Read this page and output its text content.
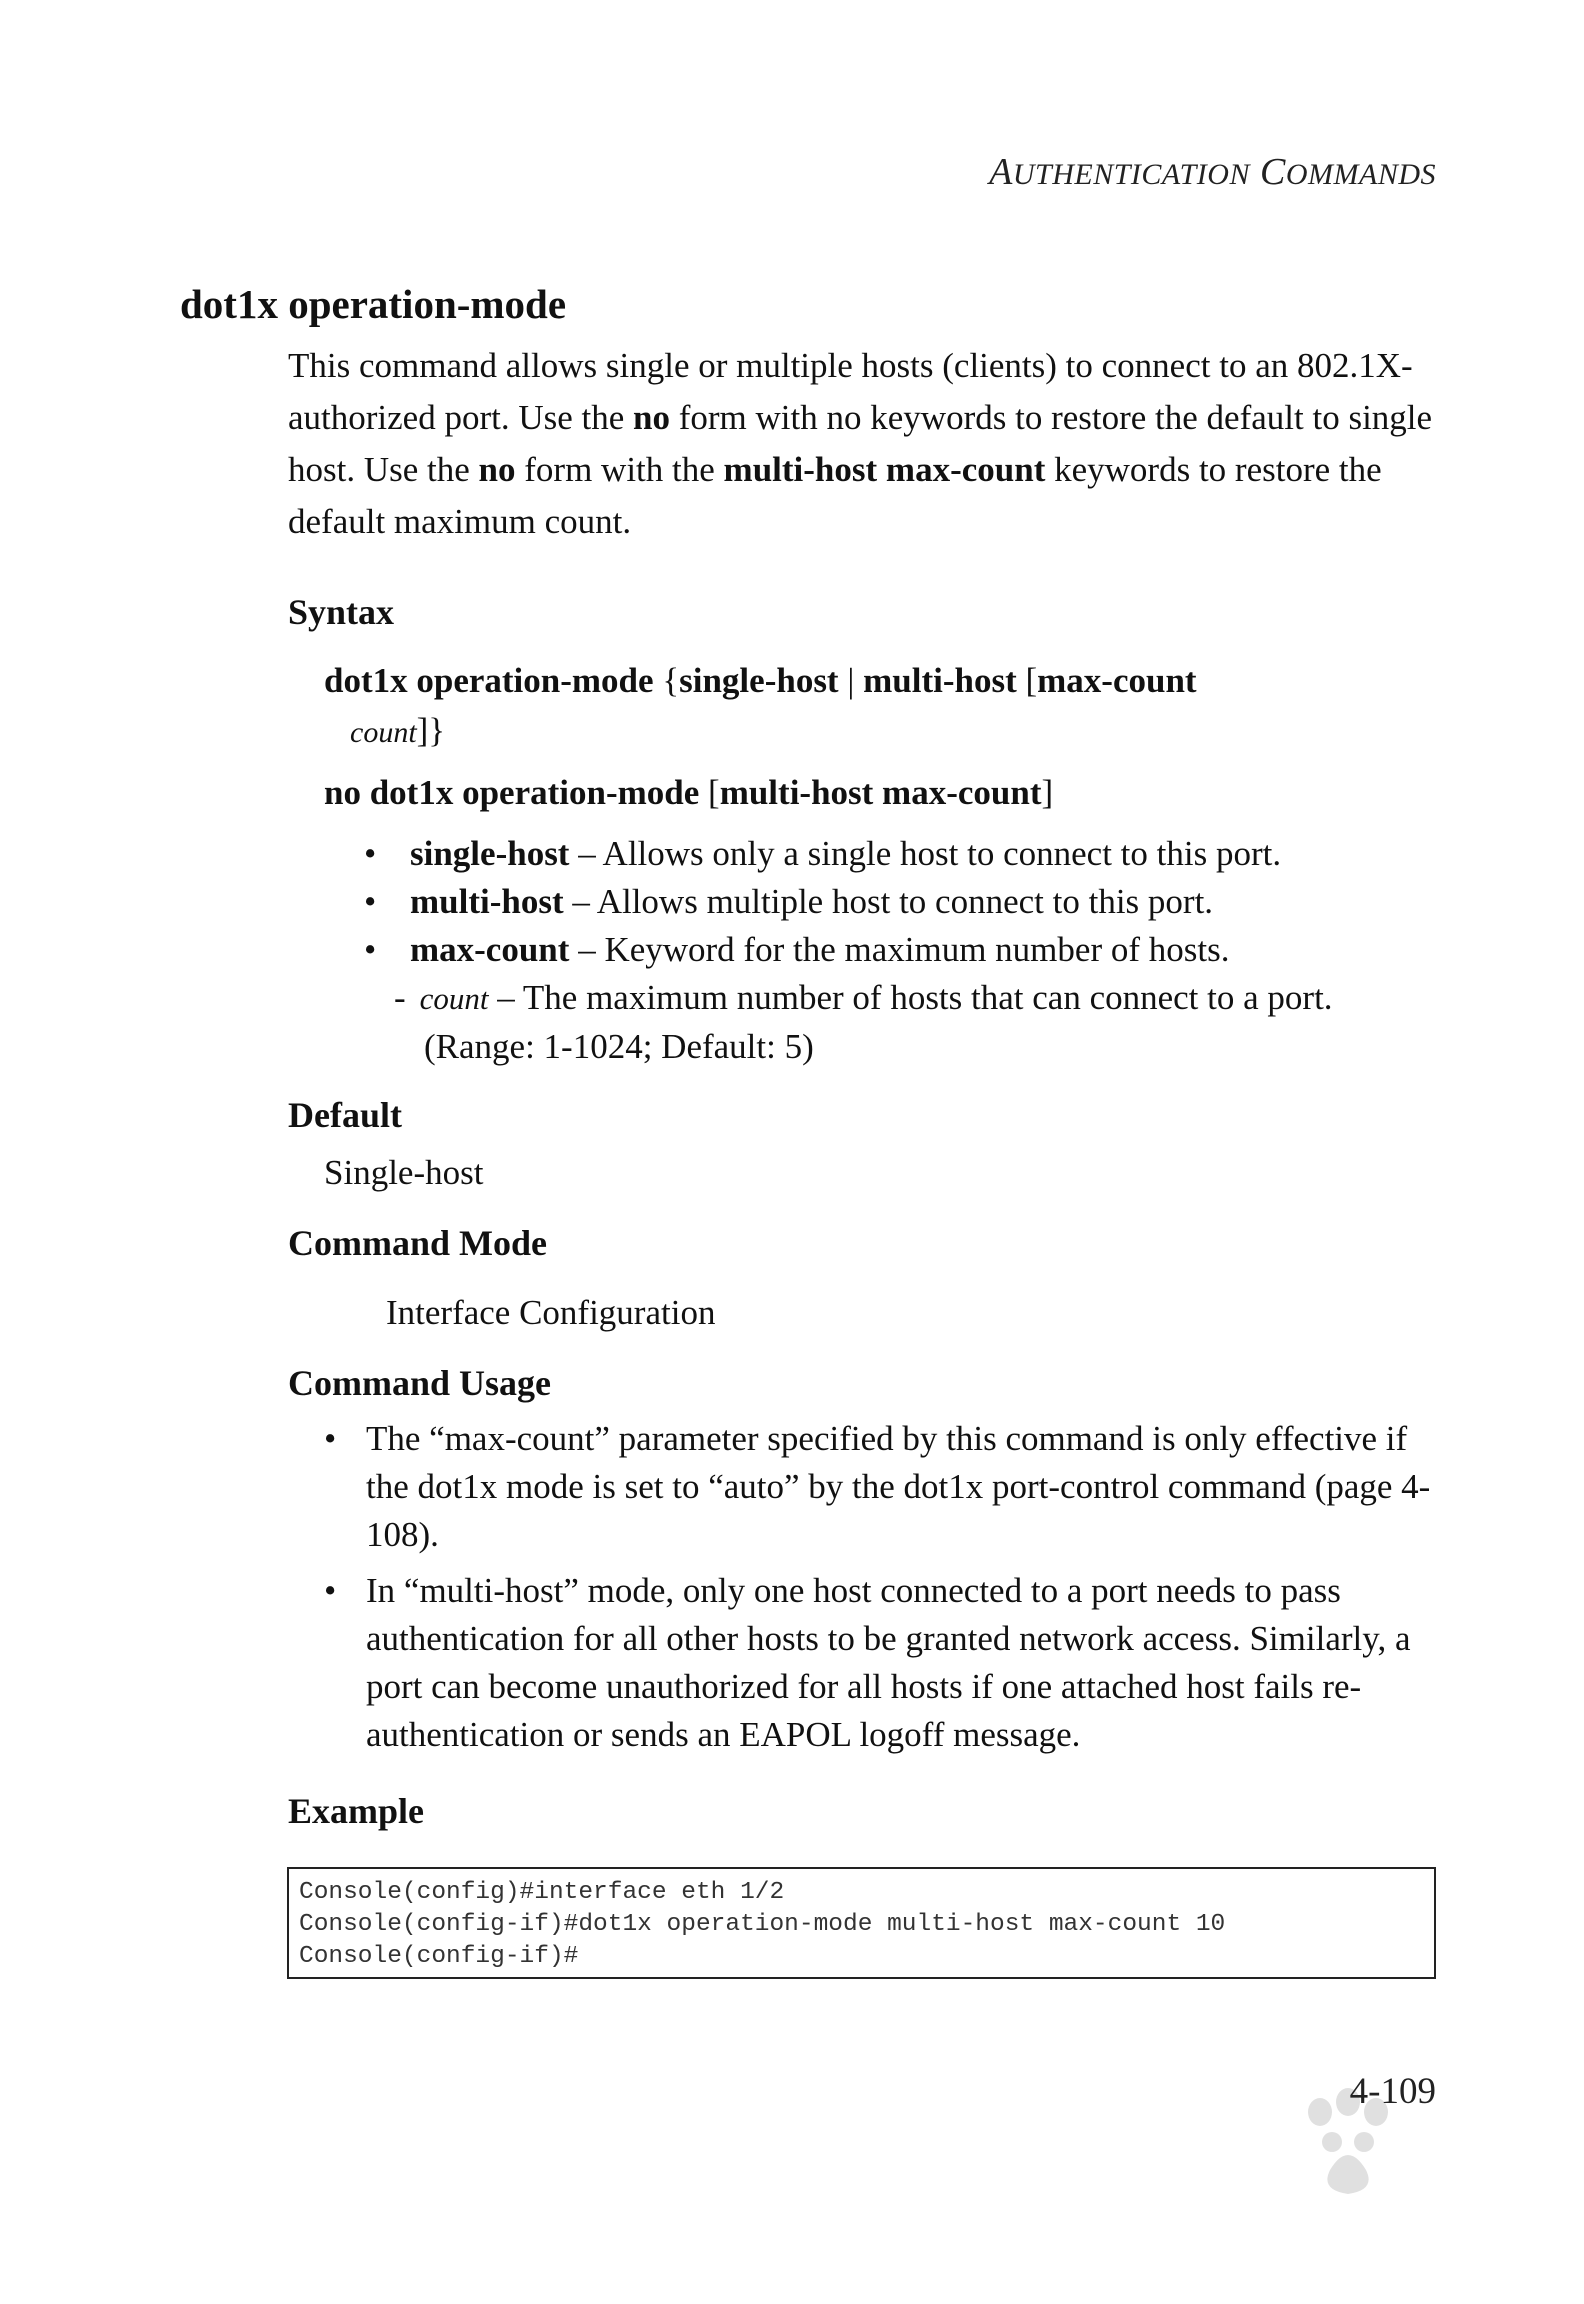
AUTHENTICATION COMMANDS
dot1x operation-mode

This command allows single or multiple hosts (clients) to connect to an 802.1X-authorized port. Use the no form with no keywords to restore the default to single host. Use the no form with the multi-host max-count keywords to restore the default maximum count.

Syntax

dot1x operation-mode {single-host | multi-host [max-count
count]}

no dot1x operation-mode [multi-host max-count]

• single-host – Allows only a single host to connect to this port.
• multi-host – Allows multiple host to connect to this port.
• max-count – Keyword for the maximum number of hosts.
- count – The maximum number of hosts that can connect to a port.
(Range: 1-1024; Default: 5)
Default

Single-host

Command Mode

Interface Configuration

Command Usage
• The “max-count” parameter specified by this command is only effective if the dot1x mode is set to “auto” by the dot1x port-control command (page 4-108).
• In “multi-host” mode, only one host connected to a port needs to pass authentication for all other hosts to be granted network access. Similarly, a port can become unauthorized for all hosts if one attached host fails re-authentication or sends an EAPOL logoff message.
Example
Console(config)#interface eth 1/2
Console(config-if)#dot1x operation-mode multi-host max-count 10
Console(config-if)#
4-109
